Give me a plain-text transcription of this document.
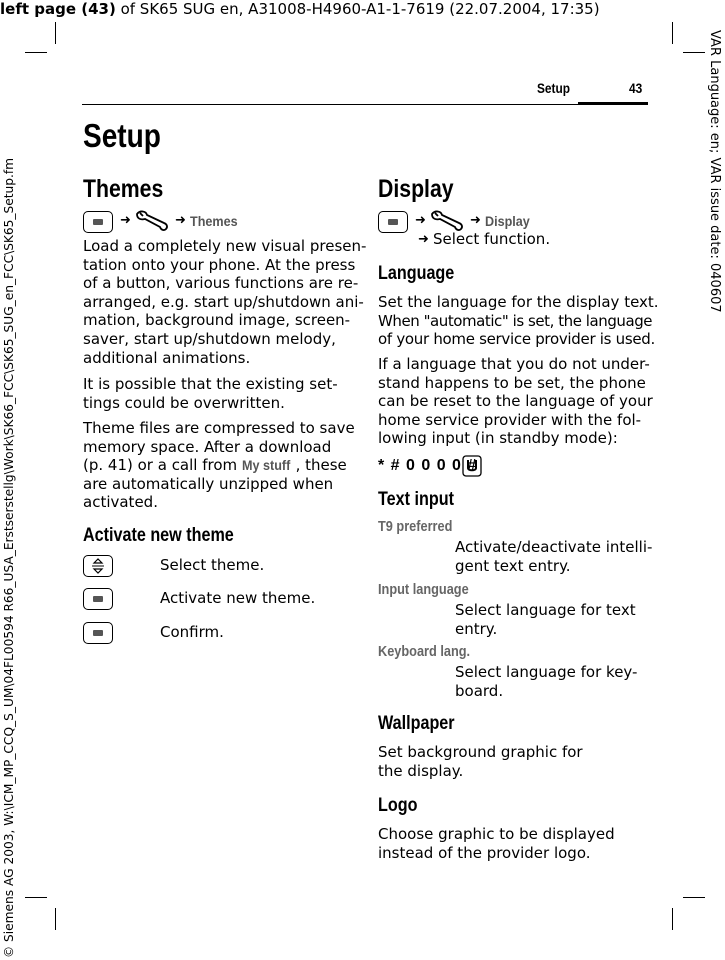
left page (43) of SK65 SUG en, A31008-H4960-A1-1-7619 (22.07.2004, 17:35)
© Siemens AG 2003, W:\ICM_MP_CCQ_S_UM\04FL00594 R66_USA_Erstserstellg\Work\SK66_FCC\SK65_SUG_en_FCC\SK65_Setup.fm	VAR Language: en; VAR issue date: 040607
Setup	43
Setup
Themes
➜	➜ Themes
Load a completely new visual presen-
tation onto your phone. At the press
of a button, various functions are re-
arranged, e.g. start up/shutdown ani-
mation, background image, screen-
saver, start up/shutdown melody,
additional animations.
It is possible that the existing set-
tings could be overwritten.
Theme files are compressed to save
memory space. After a download
(p. 41) or a call from My stuff , these
are automatically unzipped when
activated.
Activate new theme
Select theme.
Activate new theme.
Confirm.
Display
➜	➜ Display
➜ Select function.
Language
Set the language for the display text.
When "automatic" is set, the language
of your home service provider is used.
If a language that you do not under-
stand happens to be set, the phone
can be reset to the language of your
home service provider with the fol-
lowing input (in standby mode):
* # 0 0 0 0 #
Text input
T9 preferred
Activate/deactivate intelli-
gent text entry.
Input language
Select language for text
entry.
Keyboard lang.
Select language for key-
board.
Wallpaper
Set background graphic for
the display.
Logo
Choose graphic to be displayed
instead of the provider logo.
